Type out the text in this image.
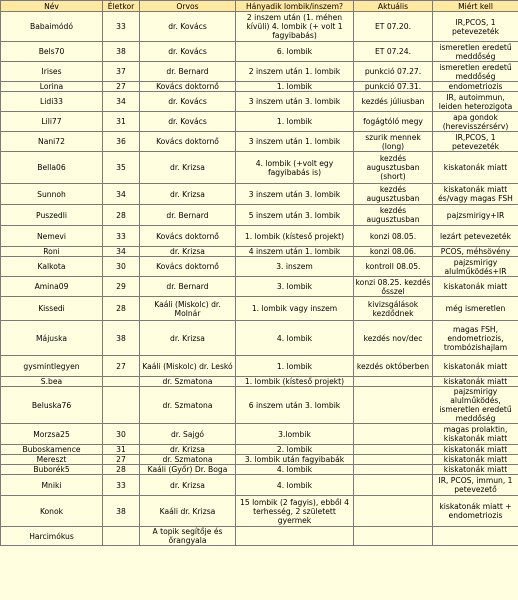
Név	Életkor	Orvos	Hányadik lombik/inszem?	Aktuális	Miért kell
Babaimódó	33	dr. Kovács	2 inszem után (1. méhen kívüli) 4. lombik (+ volt 1 fagyibabás)	ET 07.20.	IR,PCOS, 1 petevezeték
Bels70	38	dr. Kovács	6. lombik	ET 07.24.	ismeretlen eredetű meddőség
Irises	37	dr. Bernard	2 inszem után 1. lombik	punkció 07.27.	ismeretlen eredetű meddőség
Lorina	27	Kovács doktornő	1. lombik	punkció 07.31.	endometriozis
Lidi33	34	dr. Kovács	3 inszem után 3. lombik	kezdés júliusban	IR, autoimmun, leiden heterozigota
Lili77	31	dr. Kovács	1. lombik	fogágtóló megy	apa gondok (herevisszérsérv)
Nani72	36	Kovács doktornő	3 inszem után 1. lombik	szurik mennek (long)	IR,PCOS, 1 petevezeték
Bella06	35	dr. Krizsa	4. lombik (+volt egy fagyibabás is)	kezdés augusztusban (short)	kiskatonák miatt
Sunnoh	34	dr. Krizsa	3 inszem után 3. lombik	kezdés augusztusban	kiskatonák miatt és/vagy magas FSH
Puszedli	28	dr. Bernard	5 inszem után 3. lombik	kezdés augusztusban	pajzsmirigy+IR
Nemevi	33	Kovács doktornő	1. lombik (kísteső projekt)	konzi 08.05.	lezárt petevezeték
Roni	34	dr. Krizsa	4 inszem után 1. lombik	konzi 08.06.	PCOS, méhsövény
Kalkota	30	Kovács doktornő	3. inszem	kontroll 08.05.	pajzsmirigy alulműködés+IR
Amina09	29	dr. Bernard	3. lombik	konzi 08.25. kezdés ősszel	kiskatonák miatt
Kissedi	28	Kaáli (Miskolc) dr. Molnár	1. lombik vagy inszem	kivizsgálások kezdődnek	még ismeretlen
Májuska	38	dr. Krizsa	4. lombik	kezdés nov/dec	magas FSH, endometriozis, trombózishajlam
gysmintlegyen	27	Kaáli (Miskolc) dr. Leskó	1. lombik	kezdés októberben	kiskatonák miatt
S.bea		dr. Szmatona	1. lombik (kísteső projekt)		kiskatonák miatt
Beluska76		dr. Szmatona	6 inszem után 3. lombik		pajzsmirigy alulműködés, ismeretlen eredetű meddőség
Morzsa25	30	dr. Sajgó	3.lombik		magas prolaktin, kiskatonák miatt
Buboskamence	31	dr. Krizsa	2. lombik		kiskatonák miatt
Mereszt	27	dr. Szmatona	3. lombik után fagyibabák		kiskatonák miatt
Buborék5	28	Kaáli (Győr) Dr. Boga	4. lombik		kiskatonák miatt
Mniki	33	dr. Krizsa	4. lombik		IR, PCOS, immun, 1 petevezető
Konok	38	Kaáli dr. Krizsa	15 lombik (2 fagyis), ebből 4 terhesség, 2 született gyermek		kiskatonák miatt + endometriozis
Harcimókus		A topik segítője és őrangyala			
